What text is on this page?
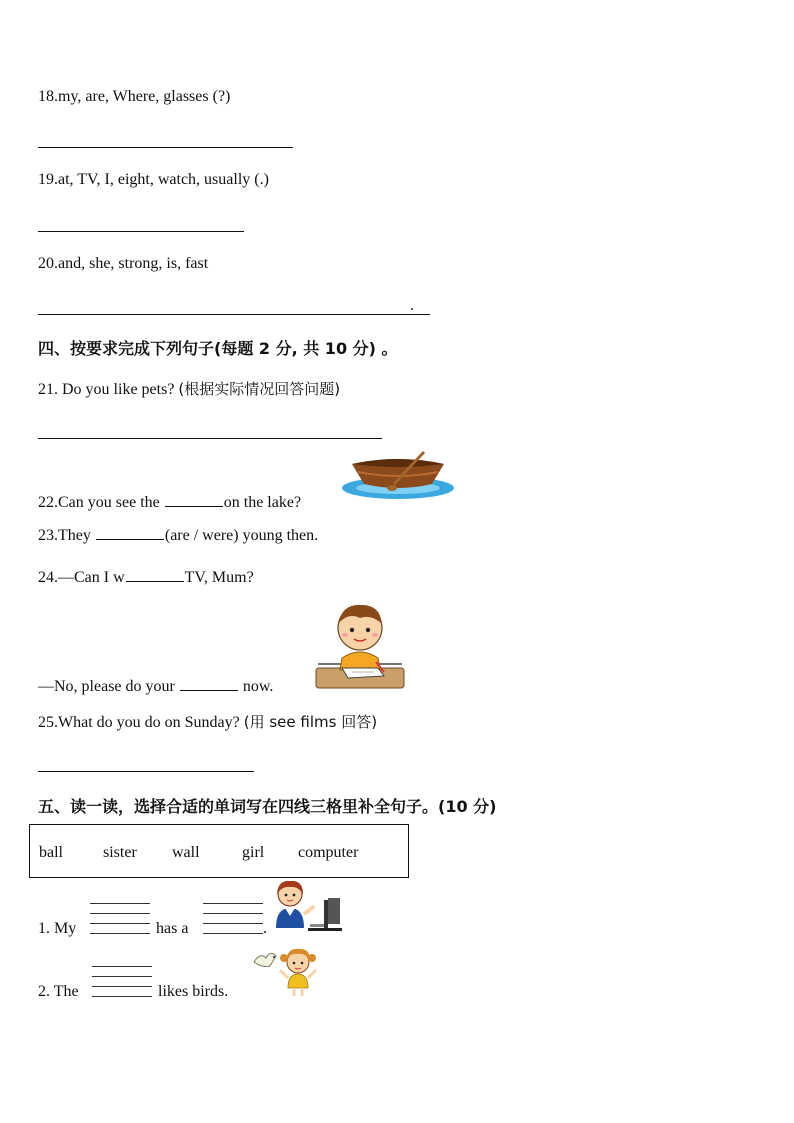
18.my, are, Where, glasses (?)
19.at, TV, I, eight, watch, usually (.)
20.and, she, strong, is, fast
.
四、按要求完成下列句子(每题 2 分, 共 10 分) 。
21. Do you like pets? (根据实际情况回答问题)
22.Can you see the	on the lake?
23.They	(are / were) young then.
24.—Can I w	TV, Mum?
—No, please do your	now.
25.What do you do on Sunday? (用 see films 回答)
五、读一读，选择合适的单词写在四线三格里补全句子。(10 分)
ball	sister wall	girl computer
1. My	has a	.
2. The	likes birds.
